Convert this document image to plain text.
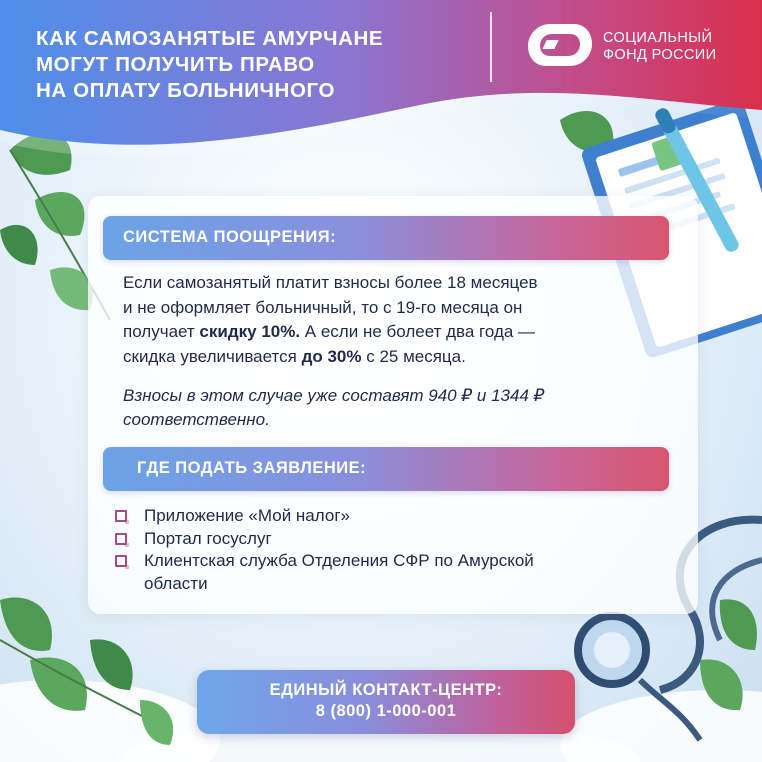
КАК САМОЗАНЯТЫЕ АМУРЧАНЕ
МОГУТ ПОЛУЧИТЬ ПРАВО
НА ОПЛАТУ БОЛЬНИЧНОГО
СОЦИАЛЬНЫЙ
ФОНД РОССИИ
СИСТЕМА ПООЩРЕНИЯ:
Если самозанятый платит взносы более 18 месяцев
и не оформляет больничный, то с 19-го месяца он
получает скидку 10%. А если не болеет два года —
скидка увеличивается до 30% с 25 месяца.
Взносы в этом случае уже составят 940 ₽ и 1344 ₽
соответственно.
ГДЕ ПОДАТЬ ЗАЯВЛЕНИЕ:
Приложение «Мой налог»
Портал госуслуг
Клиентская служба Отделения СФР по Амурской
области
ЕДИНЫЙ КОНТАКТ-ЦЕНТР:
8 (800) 1-000-001
